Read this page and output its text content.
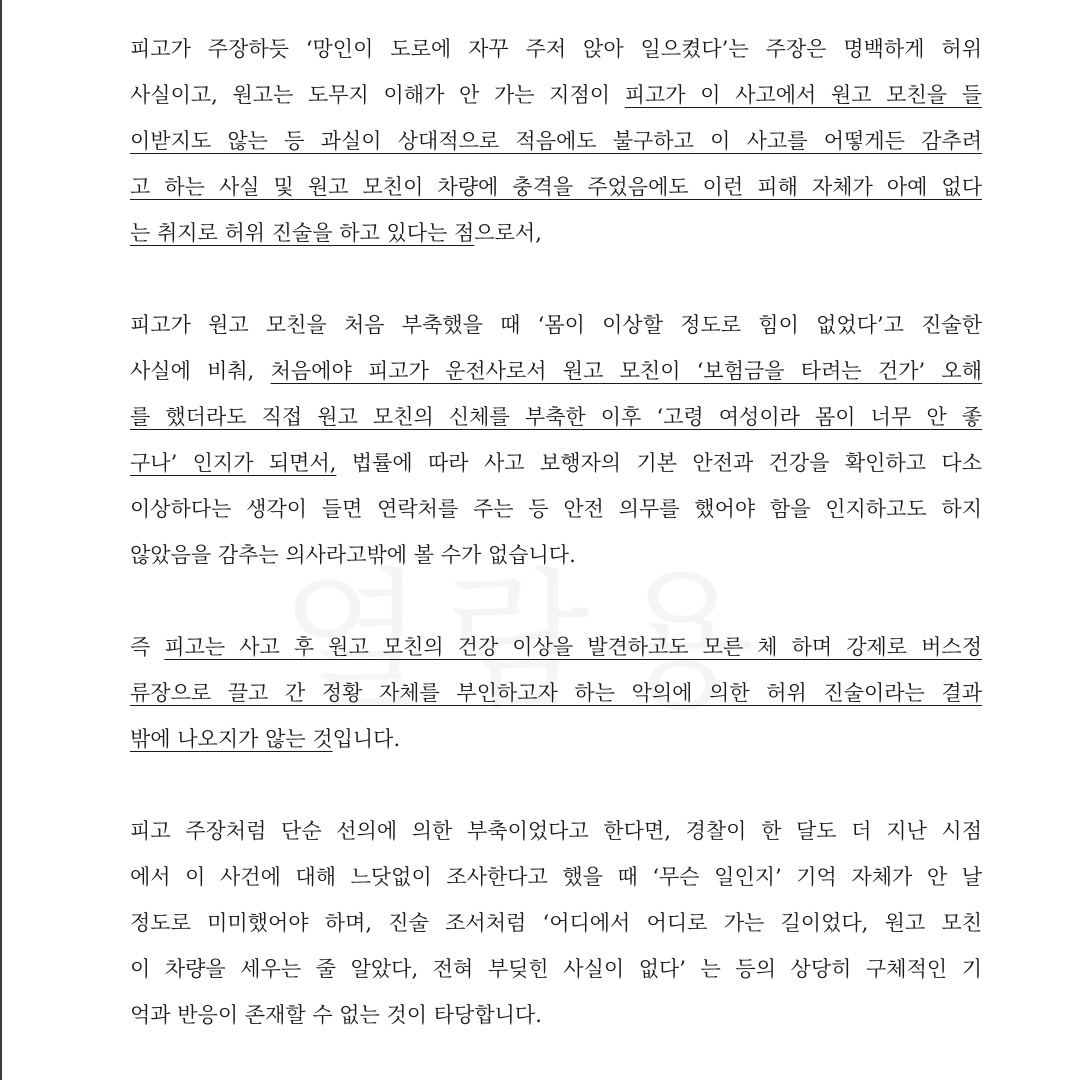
피고가 주장하듯 ‘망인이 도로에 자꾸 주저 앉아 일으켰다’는 주장은 명백하게 허위
사실이고, 원고는 도무지 이해가 안 가는 지점이 피고가 이 사고에서 원고 모친을 들
이받지도 않는 등 과실이 상대적으로 적음에도 불구하고 이 사고를 어떻게든 감추려
고 하는 사실 및 원고 모친이 차량에 충격을 주었음에도 이런 피해 자체가 아예 없다
는 취지로 허위 진술을 하고 있다는 점으로서,
피고가 원고 모친을 처음 부축했을 때 ‘몸이 이상할 정도로 힘이 없었다’고 진술한
사실에 비춰, 처음에야 피고가 운전사로서 원고 모친이 ‘보험금을 타려는 건가’ 오해
를 했더라도 직접 원고 모친의 신체를 부축한 이후 ‘고령 여성이라 몸이 너무 안 좋
구나’ 인지가 되면서, 법률에 따라 사고 보행자의 기본 안전과 건강을 확인하고 다소
이상하다는 생각이 들면 연락처를 주는 등 안전 의무를 했어야 함을 인지하고도 하지
않았음을 감추는 의사라고밖에 볼 수가 없습니다.
즉 피고는 사고 후 원고 모친의 건강 이상을 발견하고도 모른 체 하며 강제로 버스정
류장으로 끌고 간 정황 자체를 부인하고자 하는 악의에 의한 허위 진술이라는 결과
밖에 나오지가 않는 것입니다.
피고 주장처럼 단순 선의에 의한 부축이었다고 한다면, 경찰이 한 달도 더 지난 시점
에서 이 사건에 대해 느닷없이 조사한다고 했을 때 ‘무슨 일인지’ 기억 자체가 안 날
정도로 미미했어야 하며, 진술 조서처럼 ‘어디에서 어디로 가는 길이었다, 원고 모친
이 차량을 세우는 줄 알았다, 전혀 부딪힌 사실이 없다’ 는 등의 상당히 구체적인 기
억과 반응이 존재할 수 없는 것이 타당합니다.
